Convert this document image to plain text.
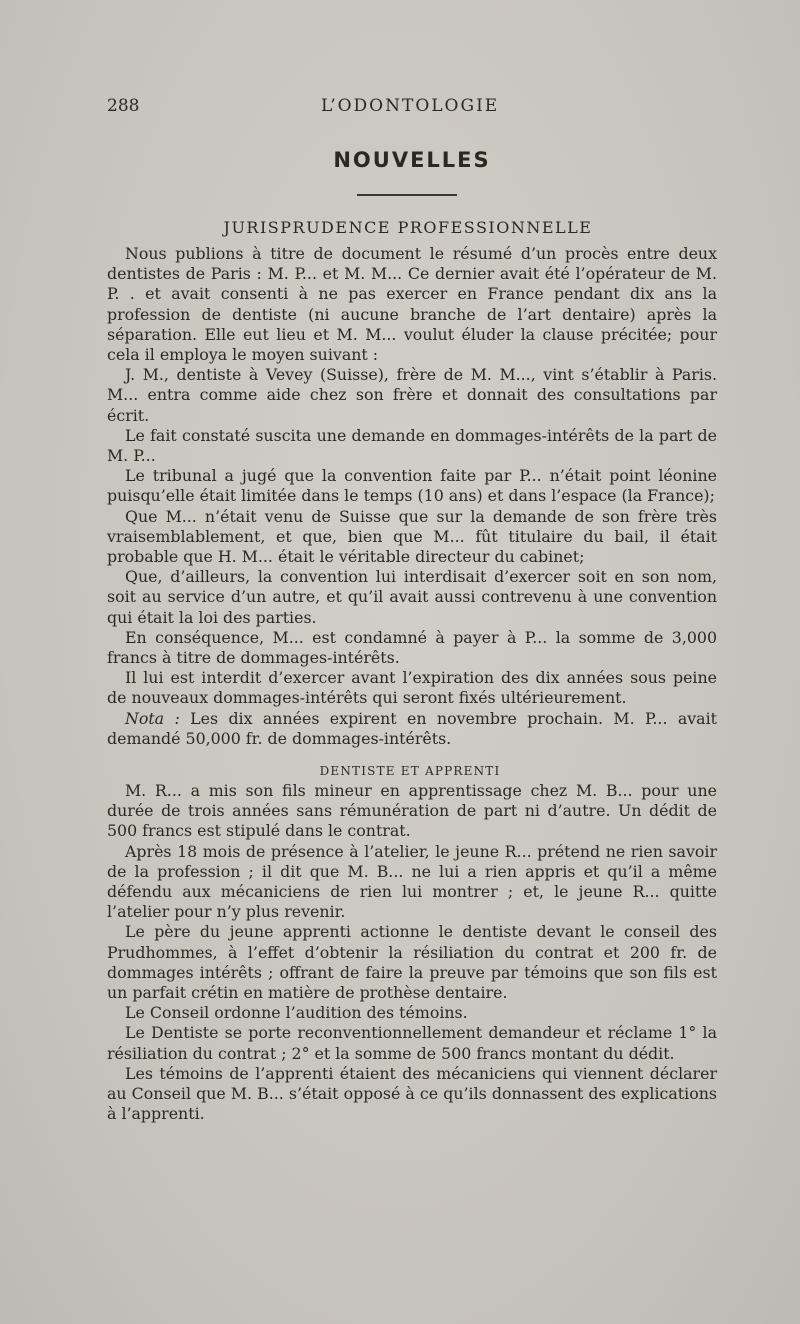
288	L’ODONTOLOGIE
NOUVELLES
JURISPRUDENCE PROFESSIONNELLE

Nous publions à titre de document le résumé d’un procès entre deux dentistes de Paris : M. P... et M. M... Ce dernier avait été l’opérateur de M. P. . et avait consenti à ne pas exercer en France pendant dix ans la profession de dentiste (ni aucune branche de l’art dentaire) après la séparation. Elle eut lieu et M. M... voulut éluder la clause précitée; pour cela il employa le moyen suivant :

J. M., dentiste à Vevey (Suisse), frère de M. M..., vint s’établir à Paris. M... entra comme aide chez son frère et donnait des consultations par écrit.

Le fait constaté suscita une demande en dommages-intérêts de la part de M. P...

Le tribunal a jugé que la convention faite par P... n’était point léonine puisqu’elle était limitée dans le temps (10 ans) et dans l’espace (la France);

Que M... n’était venu de Suisse que sur la demande de son frère très vraisemblablement, et que, bien que M... fût titulaire du bail, il était probable que H. M... était le véritable directeur du cabinet;

Que, d’ailleurs, la convention lui interdisait d’exercer soit en son nom, soit au service d’un autre, et qu’il avait aussi contrevenu à une convention qui était la loi des parties.

En conséquence, M... est condamné à payer à P... la somme de 3,000 francs à titre de dommages-intérêts.

Il lui est interdit d’exercer avant l’expiration des dix années sous peine de nouveaux dommages-intérêts qui seront fixés ultérieurement.

Nota : Les dix années expirent en novembre prochain. M. P... avait demandé 50,000 fr. de dommages-intérêts.

DENTISTE ET APPRENTI

M. R... a mis son fils mineur en apprentissage chez M. B... pour une durée de trois années sans rémunération de part ni d’autre. Un dédit de 500 francs est stipulé dans le contrat.

Après 18 mois de présence à l’atelier, le jeune R... prétend ne rien savoir de la profession ; il dit que M. B... ne lui a rien appris et qu’il a même défendu aux mécaniciens de rien lui montrer ; et, le jeune R... quitte l’atelier pour n’y plus revenir.

Le père du jeune apprenti actionne le dentiste devant le conseil des Prudhommes, à l’effet d’obtenir la résiliation du contrat et 200 fr. de dommages intérêts ; offrant de faire la preuve par témoins que son fils est un parfait crétin en matière de prothèse dentaire.

Le Conseil ordonne l’audition des témoins.

Le Dentiste se porte reconventionnellement demandeur et réclame 1° la résiliation du contrat ; 2° et la somme de 500 francs montant du dédit.

Les témoins de l’apprenti étaient des mécaniciens qui viennent déclarer au Conseil que M. B... s’était opposé à ce qu’ils donnassent des explications à l’apprenti.
